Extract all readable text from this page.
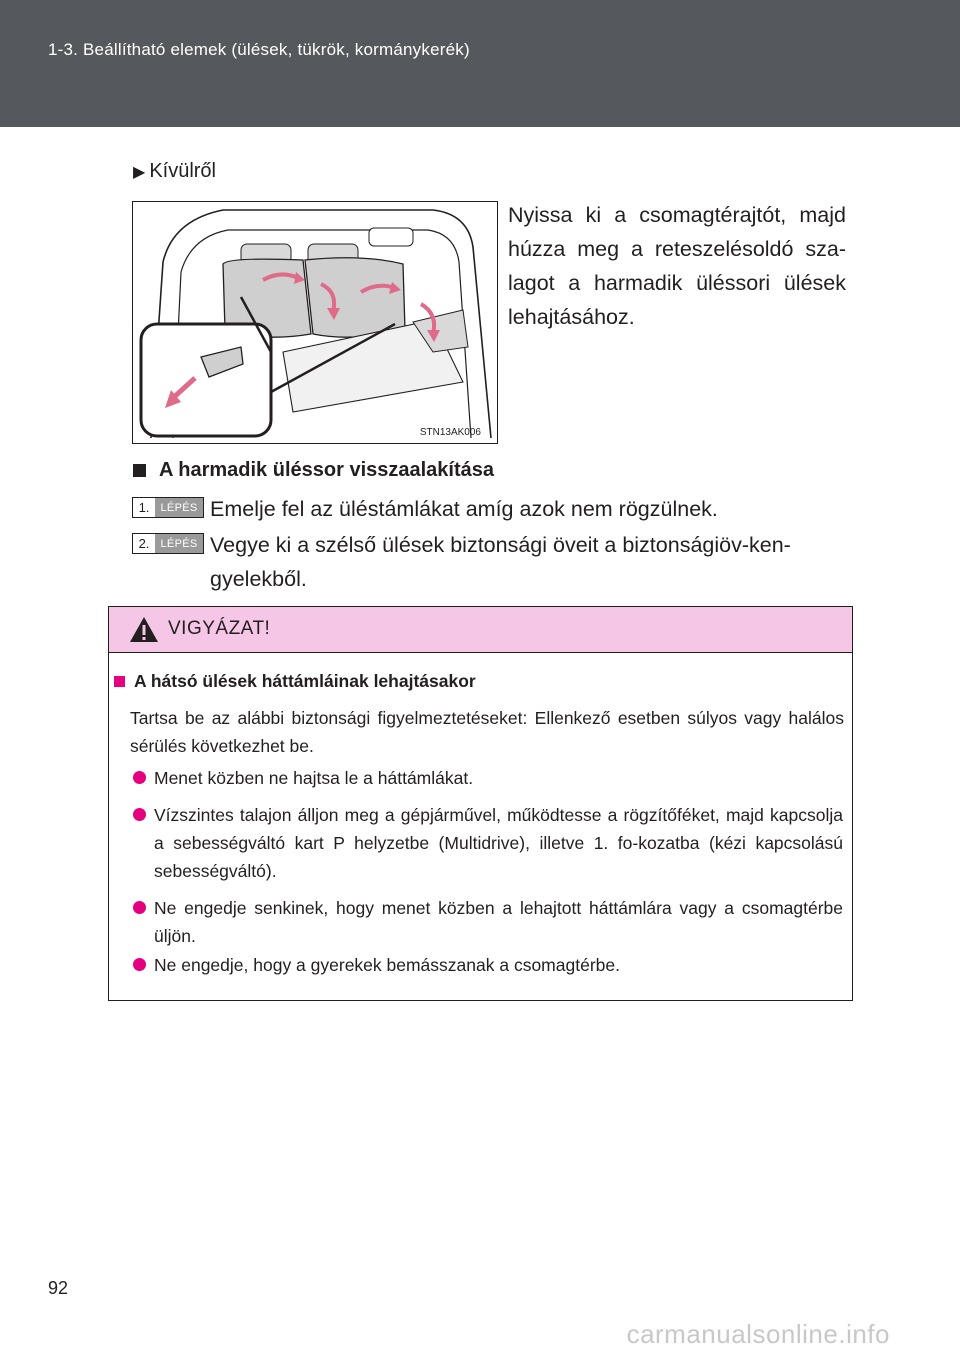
1-3. Beállítható elemek (ülések, tükrök, kormánykerék)
▶ Kívülről
STN13AK006
Nyissa ki a csomagtérajtót, majd húzza meg a reteszelésoldó sza-lagot a harmadik üléssori ülések lehajtásához.
A harmadik üléssor visszaalakítása
1.	LÉPÉS Emelje fel az üléstámlákat amíg azok nem rögzülnek.
2.	LÉPÉS Vegye ki a szélső ülések biztonsági öveit a biztonságiöv-ken-
gyelekből.
VIGYÁZAT!
A hátsó ülések háttámláinak lehajtásakor
Tartsa be az alábbi biztonsági figyelmeztetéseket: Ellenkező esetben súlyos vagy halálos sérülés következhet be.
Menet közben ne hajtsa le a háttámlákat.
Vízszintes talajon álljon meg a gépjárművel, működtesse a rögzítőféket, majd kapcsolja a sebességváltó kart P helyzetbe (Multidrive), illetve 1. fo-kozatba (kézi kapcsolású sebességváltó).
Ne engedje senkinek, hogy menet közben a lehajtott háttámlára vagy a csomagtérbe üljön.
Ne engedje, hogy a gyerekek bemásszanak a csomagtérbe.
92
carmanualsonline.info
